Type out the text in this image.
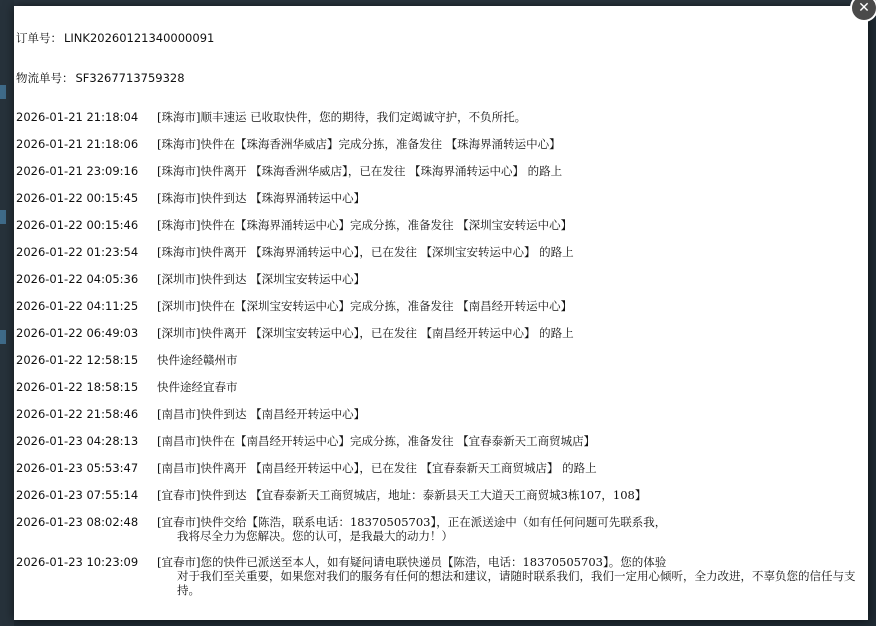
订单号： LINK20260121340000091
物流单号： SF3267713759328
2026-01-21 21:18:04	[珠海市]顺丰速运 已收取快件，您的期待，我们定竭诚守护，不负所托。
2026-01-21 21:18:06	[珠海市]快件在【珠海香洲华威店】完成分拣，准备发往 【珠海界涌转运中心】
2026-01-21 23:09:16	[珠海市]快件离开 【珠海香洲华威店】，已在发往 【珠海界涌转运中心】 的路上
2026-01-22 00:15:45	[珠海市]快件到达 【珠海界涌转运中心】
2026-01-22 00:15:46	[珠海市]快件在【珠海界涌转运中心】完成分拣，准备发往 【深圳宝安转运中心】
2026-01-22 01:23:54	[珠海市]快件离开 【珠海界涌转运中心】，已在发往 【深圳宝安转运中心】 的路上
2026-01-22 04:05:36	[深圳市]快件到达 【深圳宝安转运中心】
2026-01-22 04:11:25	[深圳市]快件在【深圳宝安转运中心】完成分拣，准备发往 【南昌经开转运中心】
2026-01-22 06:49:03	[深圳市]快件离开 【深圳宝安转运中心】，已在发往 【南昌经开转运中心】 的路上
2026-01-22 12:58:15	快件途经赣州市
2026-01-22 18:58:15	快件途经宜春市
2026-01-22 21:58:46	[南昌市]快件到达 【南昌经开转运中心】
2026-01-23 04:28:13	[南昌市]快件在【南昌经开转运中心】完成分拣，准备发往 【宜春泰新天工商贸城店】
2026-01-23 05:53:47	[南昌市]快件离开 【南昌经开转运中心】，已在发往 【宜春泰新天工商贸城店】 的路上
2026-01-23 07:55:14	[宜春市]快件到达 【宜春泰新天工商贸城店，地址：泰新县天工大道天工商贸城3栋107，108】
2026-01-23 08:02:48	[宜春市]快件交给【陈浩，联系电话：18370505703】，正在派送途中（如有任何问题可先联系我，
我将尽全力为您解决。您的认可，是我最大的动力！）
2026-01-23 10:23:09	[宜春市]您的快件已派送至本人，如有疑问请电联快递员【陈浩，电话：18370505703】。您的体验
对于我们至关重要，如果您对我们的服务有任何的想法和建议，请随时联系我们，我们一定用心倾听，全力改进，不辜负您的信任与支持。
✕
